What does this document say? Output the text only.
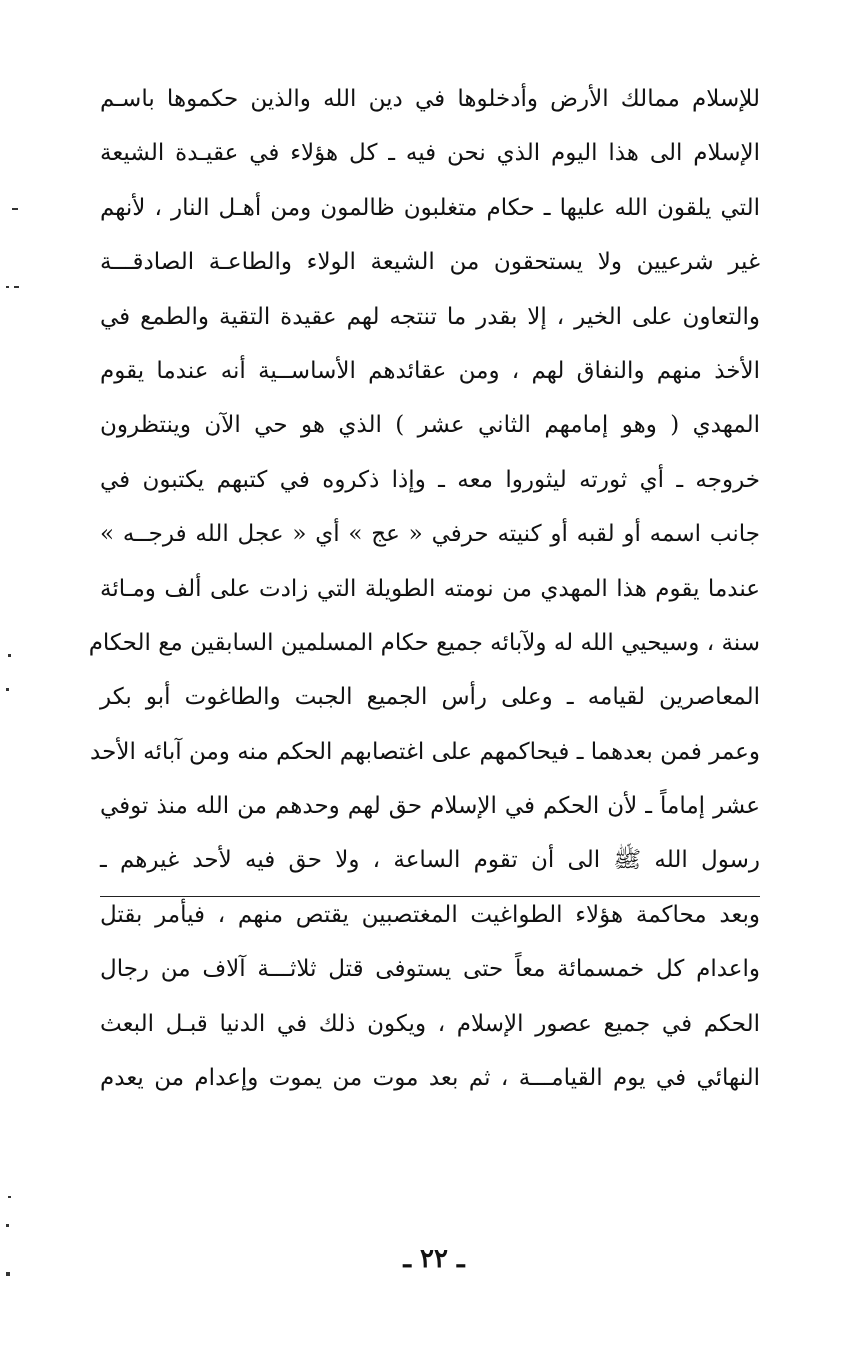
للإسلام ممالك الأرض وأدخلوها في دين الله والذين حكموها باسـم
الإسلام الى هذا اليوم الذي نحن فيه ـ كل هؤلاء في عقيـدة الشيعة
التي يلقون الله عليها ـ حكام متغلبون ظالمون ومن أهـل النار ، لأنهم
غير شرعيين ولا يستحقون من الشيعة الولاء والطاعـة الصادقـــة
والتعاون على الخير ، إلا بقدر ما تنتجه لهم عقيدة التقية والطمع في
الأخذ منهم والنفاق لهم ، ومن عقائدهم الأساســية أنه عندما يقوم
المهدي ( وهو إمامهم الثاني عشر ) الذي هو حي الآن وينتظرون
خروجه ـ أي ثورته ليثوروا معه ـ وإذا ذكروه في كتبهم يكتبون في
جانب اسمه أو لقبه أو كنيته حرفي « عج » أي « عجل الله فرجــه »
عندما يقوم هذا المهدي من نومته الطويلة التي زادت على ألف ومـائة
سنة ، وسيحيي الله له ولآبائه جميع حكام المسلمين السابقين مع الحكام
المعاصرين لقيامه ـ وعلى رأس الجميع الجبت والطاغوت أبو بكر
وعمر فمن بعدهما ـ فيحاكمهم على اغتصابهم الحكم منه ومن آبائه الأحد
عشر إماماً ـ لأن الحكم في الإسلام حق لهم وحدهم من الله منذ توفي
رسول الله ﷺ الى أن تقوم الساعة ، ولا حق فيه لأحد غيرهم ـ
وبعد محاكمة هؤلاء الطواغيت المغتصبين يقتص منهم ، فيأمر بقتل
واعدام كل خمسمائة معاً حتى يستوفى قتل ثلاثـــة آلاف من رجال
الحكم في جميع عصور الإسلام ، ويكون ذلك في الدنيا قبـل البعث
النهائي في يوم القيامـــة ، ثم بعد موت من يموت وإعدام من يعدم
ـ ٢٢ ـ
